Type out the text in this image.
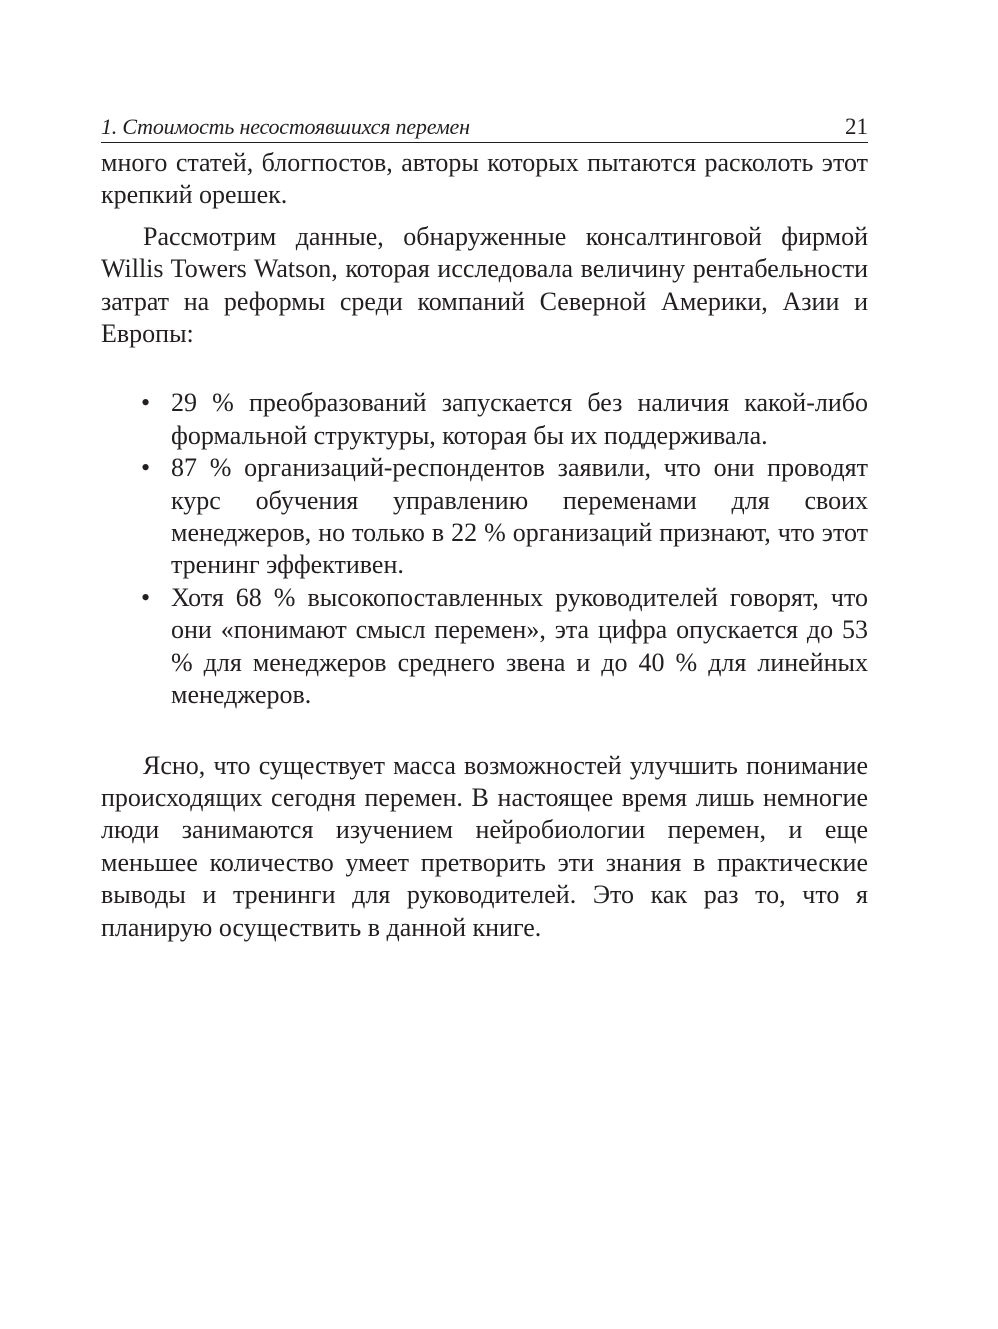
1. Стоимость несостоявшихся перемен	21

много статей, блогпостов, авторы которых пытаются расколоть этот крепкий орешек.

Рассмотрим данные, обнаруженные консалтинговой фирмой Willis Towers Watson, которая исследовала величину рентабельности затрат на реформы среди компаний Северной Америки, Азии и Европы:

• 29 % преобразований запускается без наличия какой-либо формальной структуры, которая бы их поддерживала.
• 87 % организаций-респондентов заявили, что они проводят курс обучения управлению переменами для своих менеджеров, но только в 22 % организаций признают, что этот тренинг эффективен.
• Хотя 68 % высокопоставленных руководителей говорят, что они «понимают смысл перемен», эта цифра опускается до 53 % для менеджеров среднего звена и до 40 % для линейных менеджеров.

Ясно, что существует масса возможностей улучшить понимание происходящих сегодня перемен. В настоящее время лишь немногие люди занимаются изучением нейробиологии перемен, и еще меньшее количество умеет претворить эти знания в практические выводы и тренинги для руководителей. Это как раз то, что я планирую осуществить в данной книге.
